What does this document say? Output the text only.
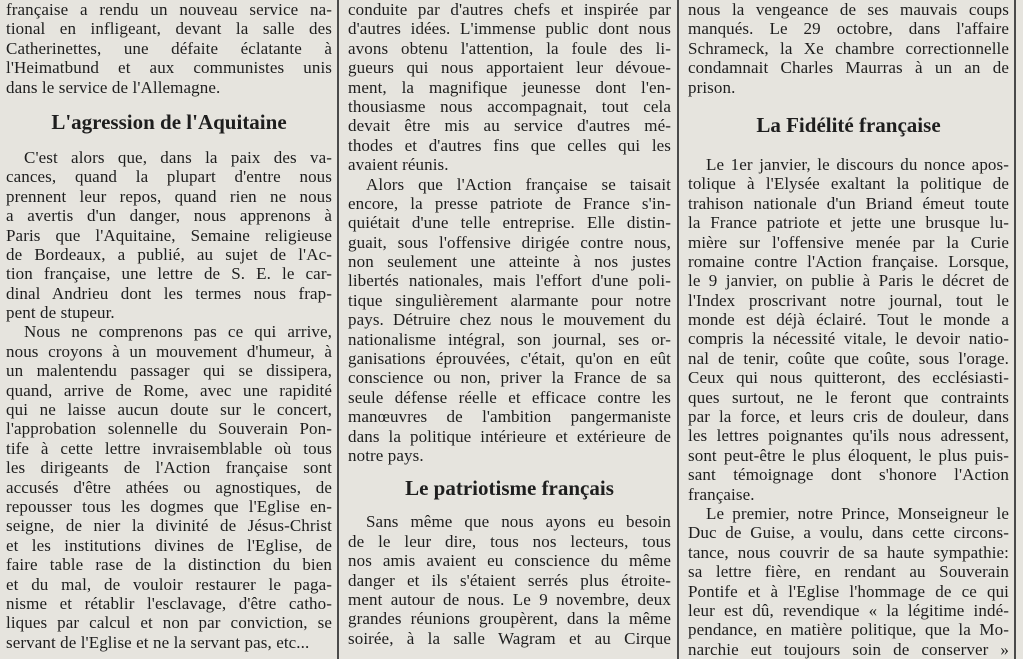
française a rendu un nouveau service na-
tional en infligeant, devant la salle des
Catherinettes, une défaite éclatante à
l'Heimatbund et aux communistes unis
dans le service de l'Allemagne.
L'agression de l'Aquitaine
C'est alors que, dans la paix des va-
cances, quand la plupart d'entre nous
prennent leur repos, quand rien ne nous
a avertis d'un danger, nous apprenons à
Paris que l'Aquitaine, Semaine religieuse
de Bordeaux, a publié, au sujet de l'Ac-
tion française, une lettre de S. E. le car-
dinal Andrieu dont les termes nous frap-
pent de stupeur.
Nous ne comprenons pas ce qui arrive,
nous croyons à un mouvement d'humeur, à
un malentendu passager qui se dissipera,
quand, arrive de Rome, avec une rapidité
qui ne laisse aucun doute sur le concert,
l'approbation solennelle du Souverain Pon-
tife à cette lettre invraisemblable où tous
les dirigeants de l'Action française sont
accusés d'être athées ou agnostiques, de
repousser tous les dogmes que l'Eglise en-
seigne, de nier la divinité de Jésus-Christ
et les institutions divines de l'Eglise, de
faire table rase de la distinction du bien
et du mal, de vouloir restaurer le paga-
nisme et rétablir l'esclavage, d'être catho-
liques par calcul et non par conviction, se
servant de l'Eglise et ne la servant pas, etc...
conduite par d'autres chefs et inspirée par
d'autres idées. L'immense public dont nous
avons obtenu l'attention, la foule des li-
gueurs qui nous apportaient leur dévoue-
ment, la magnifique jeunesse dont l'en-
thousiasme nous accompagnait, tout cela
devait être mis au service d'autres mé-
thodes et d'autres fins que celles qui les
avaient réunis.
Alors que l'Action française se taisait
encore, la presse patriote de France s'in-
quiétait d'une telle entreprise. Elle distin-
guait, sous l'offensive dirigée contre nous,
non seulement une atteinte à nos justes
libertés nationales, mais l'effort d'une poli-
tique singulièrement alarmante pour notre
pays. Détruire chez nous le mouvement du
nationalisme intégral, son journal, ses or-
ganisations éprouvées, c'était, qu'on en eût
conscience ou non, priver la France de sa
seule défense réelle et efficace contre les
manœuvres de l'ambition pangermaniste
dans la politique intérieure et extérieure de
notre pays.
Le patriotisme français
Sans même que nous ayons eu besoin
de le leur dire, tous nos lecteurs, tous
nos amis avaient eu conscience du même
danger et ils s'étaient serrés plus étroite-
ment autour de nous. Le 9 novembre, deux
grandes réunions groupèrent, dans la même
soirée, à la salle Wagram et au Cirque
nous la vengeance de ses mauvais coups
manqués. Le 29 octobre, dans l'affaire
Schrameck, la Xe chambre correctionnelle
condamnait Charles Maurras à un an de
prison.
La Fidélité française
Le 1er janvier, le discours du nonce apos-
tolique à l'Elysée exaltant la politique de
trahison nationale d'un Briand émeut toute
la France patriote et jette une brusque lu-
mière sur l'offensive menée par la Curie
romaine contre l'Action française. Lorsque,
le 9 janvier, on publie à Paris le décret de
l'Index proscrivant notre journal, tout le
monde est déjà éclairé. Tout le monde a
compris la nécessité vitale, le devoir natio-
nal de tenir, coûte que coûte, sous l'orage.
Ceux qui nous quitteront, des ecclésiasti-
ques surtout, ne le feront que contraints
par la force, et leurs cris de douleur, dans
les lettres poignantes qu'ils nous adressent,
sont peut-être le plus éloquent, le plus puis-
sant témoignage dont s'honore l'Action
française.
Le premier, notre Prince, Monseigneur le
Duc de Guise, a voulu, dans cette circons-
tance, nous couvrir de sa haute sympathie:
sa lettre fière, en rendant au Souverain
Pontife et à l'Eglise l'hommage de ce qui
leur est dû, revendique « la légitime indé-
pendance, en matière politique, que la Mo-
narchie eut toujours soin de conserver »
